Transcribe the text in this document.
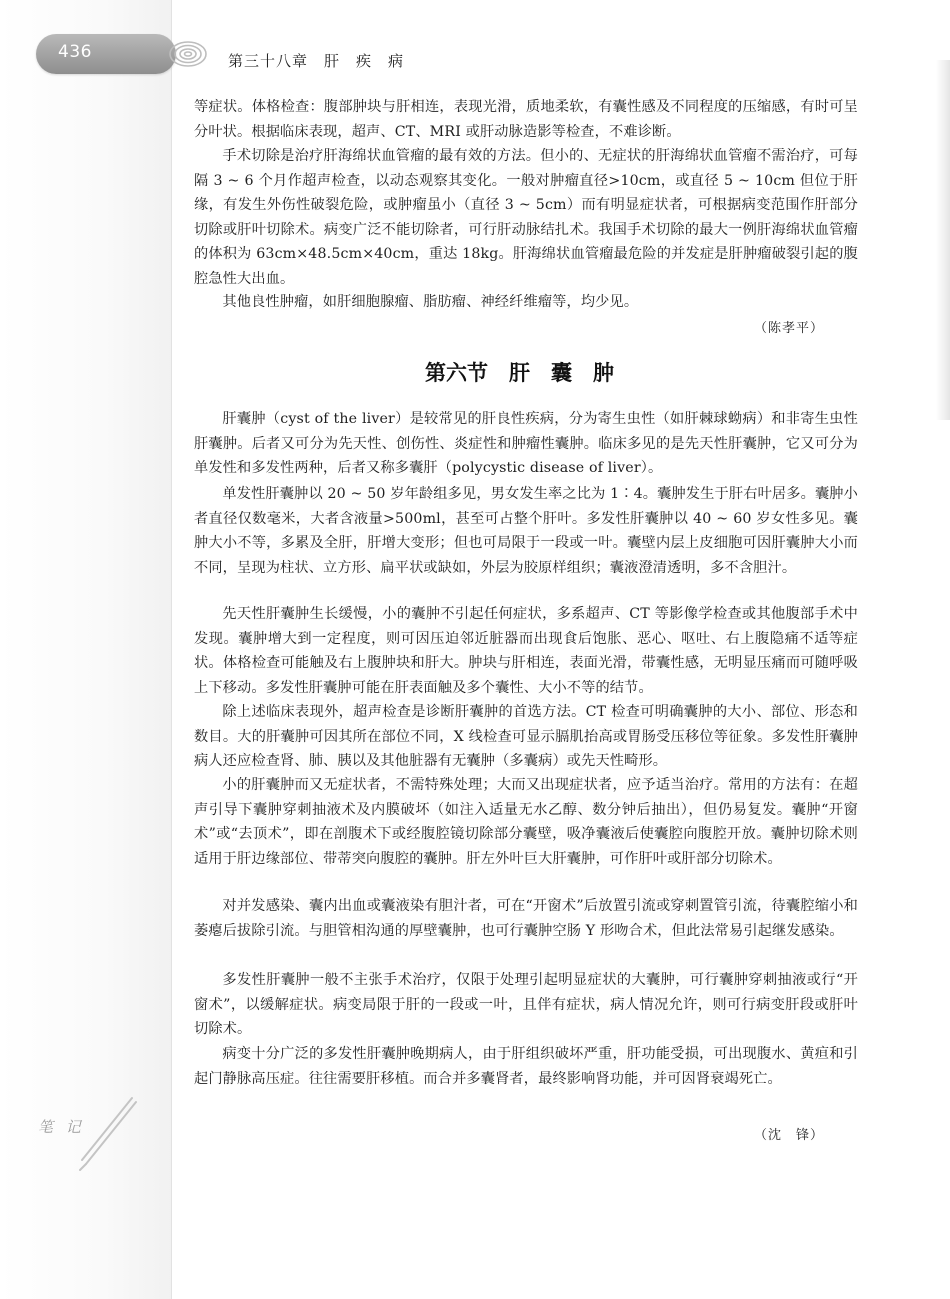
436	第三十八章　肝　疾　病

等症状。体格检查：腹部肿块与肝相连，表现光滑，质地柔软，有囊性感及不同程度的压缩感，有时可呈分叶状。根据临床表现，超声、CT、MRI 或肝动脉造影等检查，不难诊断。

手术切除是治疗肝海绵状血管瘤的最有效的方法。但小的、无症状的肝海绵状血管瘤不需治疗，可每隔 3 ~ 6 个月作超声检查，以动态观察其变化。一般对肿瘤直径>10cm，或直径 5 ~ 10cm 但位于肝缘，有发生外伤性破裂危险，或肿瘤虽小（直径 3 ~ 5cm）而有明显症状者，可根据病变范围作肝部分切除或肝叶切除术。病变广泛不能切除者，可行肝动脉结扎术。我国手术切除的最大一例肝海绵状血管瘤的体积为 63cm×48.5cm×40cm，重达 18kg。肝海绵状血管瘤最危险的并发症是肝肿瘤破裂引起的腹腔急性大出血。

其他良性肿瘤，如肝细胞腺瘤、脂肪瘤、神经纤维瘤等，均少见。

（陈孝平）
第六节　肝　囊　肿

肝囊肿（cyst of the liver）是较常见的肝良性疾病，分为寄生虫性（如肝棘球蚴病）和非寄生虫性肝囊肿。后者又可分为先天性、创伤性、炎症性和肿瘤性囊肿。临床多见的是先天性肝囊肿，它又可分为单发性和多发性两种，后者又称多囊肝（polycystic disease of liver）。

单发性肝囊肿以 20 ~ 50 岁年龄组多见，男女发生率之比为 1∶4。囊肿发生于肝右叶居多。囊肿小者直径仅数毫米，大者含液量>500ml，甚至可占整个肝叶。多发性肝囊肿以 40 ~ 60 岁女性多见。囊肿大小不等，多累及全肝，肝增大变形；但也可局限于一段或一叶。囊壁内层上皮细胞可因肝囊肿大小而不同，呈现为柱状、立方形、扁平状或缺如，外层为胶原样组织；囊液澄清透明，多不含胆汁。

先天性肝囊肿生长缓慢，小的囊肿不引起任何症状，多系超声、CT 等影像学检查或其他腹部手术中发现。囊肿增大到一定程度，则可因压迫邻近脏器而出现食后饱胀、恶心、呕吐、右上腹隐痛不适等症状。体格检查可能触及右上腹肿块和肝大。肿块与肝相连，表面光滑，带囊性感，无明显压痛而可随呼吸上下移动。多发性肝囊肿可能在肝表面触及多个囊性、大小不等的结节。

除上述临床表现外，超声检查是诊断肝囊肿的首选方法。CT 检查可明确囊肿的大小、部位、形态和数目。大的肝囊肿可因其所在部位不同，X 线检查可显示膈肌抬高或胃肠受压移位等征象。多发性肝囊肿病人还应检查肾、肺、胰以及其他脏器有无囊肿（多囊病）或先天性畸形。

小的肝囊肿而又无症状者，不需特殊处理；大而又出现症状者，应予适当治疗。常用的方法有：在超声引导下囊肿穿刺抽液术及内膜破坏（如注入适量无水乙醇、数分钟后抽出），但仍易复发。囊肿“开窗术”或“去顶术”，即在剖腹术下或经腹腔镜切除部分囊壁，吸净囊液后使囊腔向腹腔开放。囊肿切除术则适用于肝边缘部位、带蒂突向腹腔的囊肿。肝左外叶巨大肝囊肿，可作肝叶或肝部分切除术。

对并发感染、囊内出血或囊液染有胆汁者，可在“开窗术”后放置引流或穿刺置管引流，待囊腔缩小和萎瘪后拔除引流。与胆管相沟通的厚壁囊肿，也可行囊肿空肠 Y 形吻合术，但此法常易引起继发感染。

多发性肝囊肿一般不主张手术治疗，仅限于处理引起明显症状的大囊肿，可行囊肿穿刺抽液或行“开窗术”，以缓解症状。病变局限于肝的一段或一叶，且伴有症状，病人情况允许，则可行病变肝段或肝叶切除术。

病变十分广泛的多发性肝囊肿晚期病人，由于肝组织破坏严重，肝功能受损，可出现腹水、黄疸和引起门静脉高压症。往往需要肝移植。而合并多囊肾者，最终影响肾功能，并可因肾衰竭死亡。

（沈　锋）
笔 记
